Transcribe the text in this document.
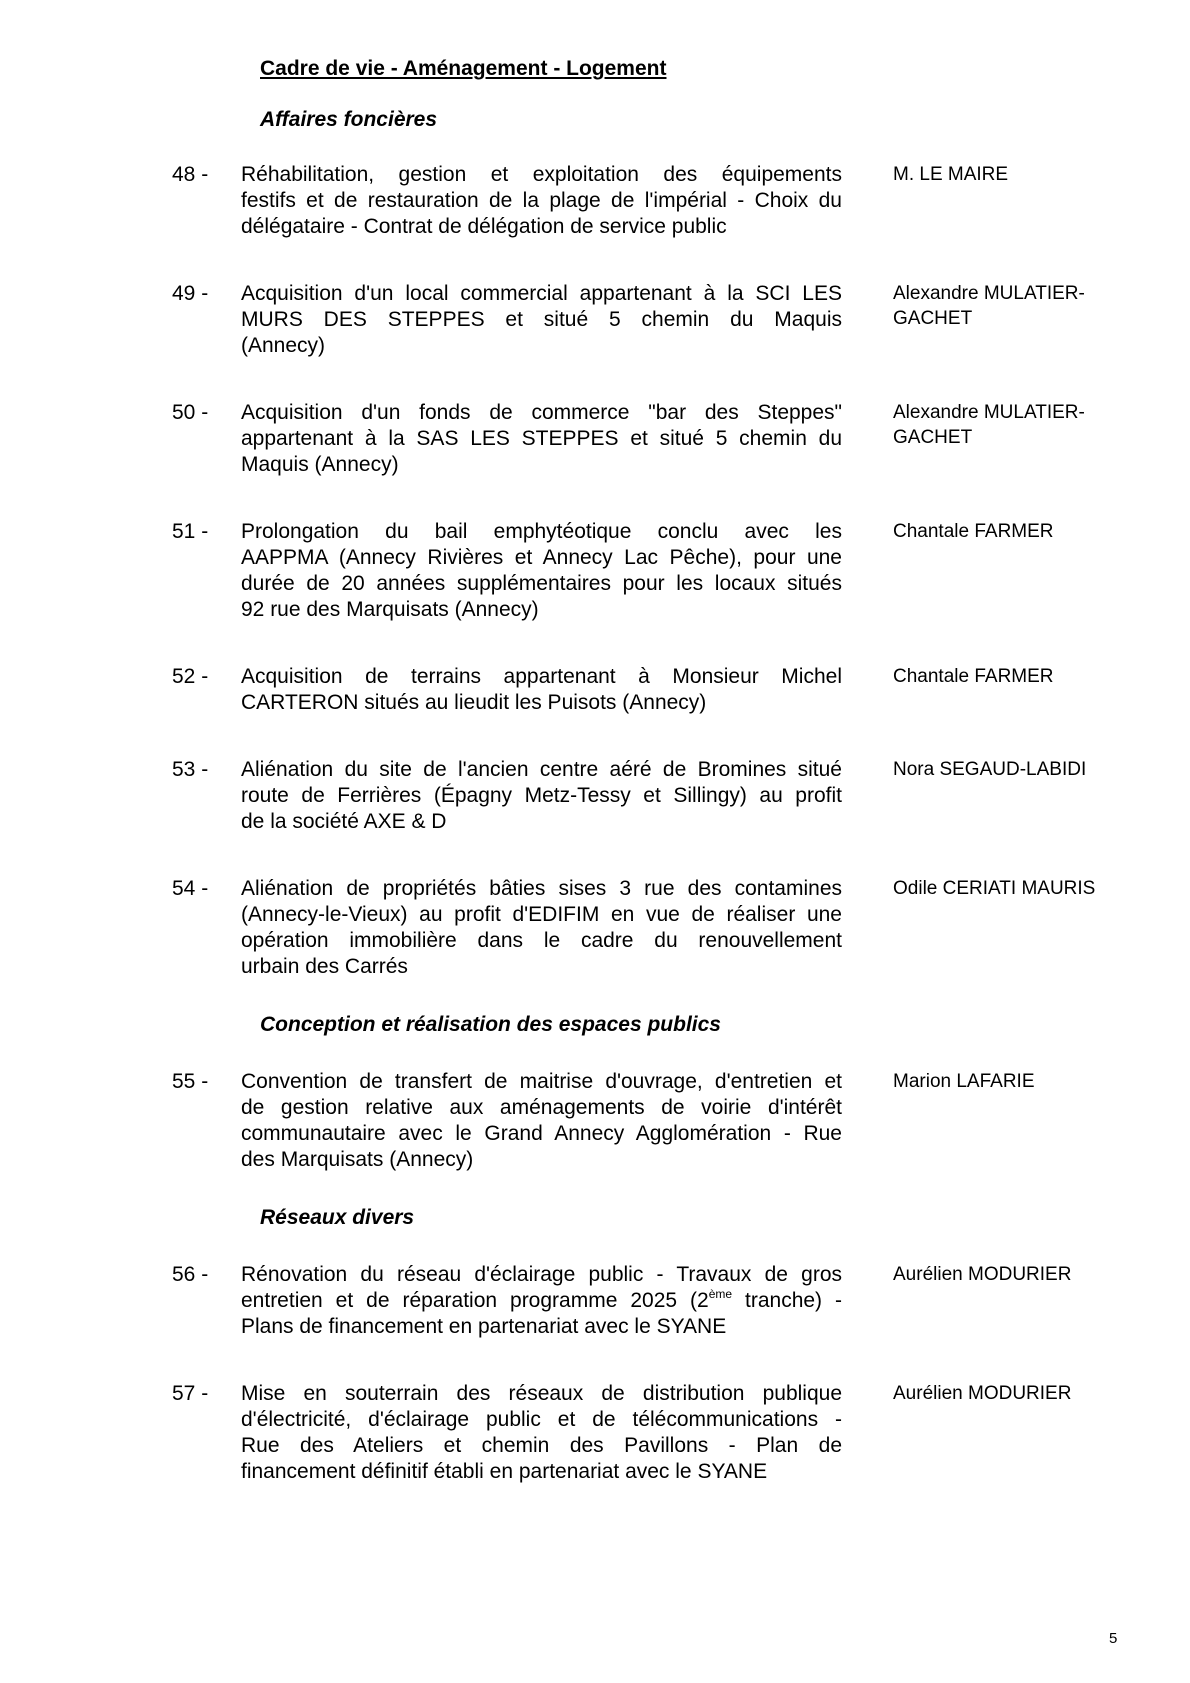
Cadre de vie - Aménagement - Logement
Affaires foncières
48 - Réhabilitation, gestion et exploitation des équipements
festifs et de restauration de la plage de l'impérial - Choix du
délégataire - Contrat de délégation de service public
M. LE MAIRE
49 - Acquisition d'un local commercial appartenant à la SCI LES
MURS DES STEPPES et situé 5 chemin du Maquis
(Annecy)
Alexandre MULATIER-GACHET
50 - Acquisition d'un fonds de commerce "bar des Steppes"
appartenant à la SAS LES STEPPES et situé 5 chemin du
Maquis (Annecy)
Alexandre MULATIER-GACHET
51 - Prolongation du bail emphytéotique conclu avec les
AAPPMA (Annecy Rivières et Annecy Lac Pêche), pour une
durée de 20 années supplémentaires pour les locaux situés
92 rue des Marquisats (Annecy)
Chantale FARMER
52 - Acquisition de terrains appartenant à Monsieur Michel
CARTERON situés au lieudit les Puisots (Annecy)
Chantale FARMER
53 - Aliénation du site de l'ancien centre aéré de Bromines situé
route de Ferrières (Épagny Metz-Tessy et Sillingy) au profit
de la société AXE & D
Nora SEGAUD-LABIDI
54 - Aliénation de propriétés bâties sises 3 rue des contamines
(Annecy-le-Vieux) au profit d'EDIFIM en vue de réaliser une
opération immobilière dans le cadre du renouvellement
urbain des Carrés
Odile CERIATI MAURIS
Conception et réalisation des espaces publics
55 - Convention de transfert de maitrise d'ouvrage, d'entretien et
de gestion relative aux aménagements de voirie d'intérêt
communautaire avec le Grand Annecy Agglomération - Rue
des Marquisats (Annecy)
Marion LAFARIE
Réseaux divers
56 - Rénovation du réseau d'éclairage public - Travaux de gros
entretien et de réparation programme 2025 (2ème tranche) -
Plans de financement en partenariat avec le SYANE
Aurélien MODURIER
57 - Mise en souterrain des réseaux de distribution publique
d'électricité, d'éclairage public et de télécommunications -
Rue des Ateliers et chemin des Pavillons - Plan de
financement définitif établi en partenariat avec le SYANE
Aurélien MODURIER
5
